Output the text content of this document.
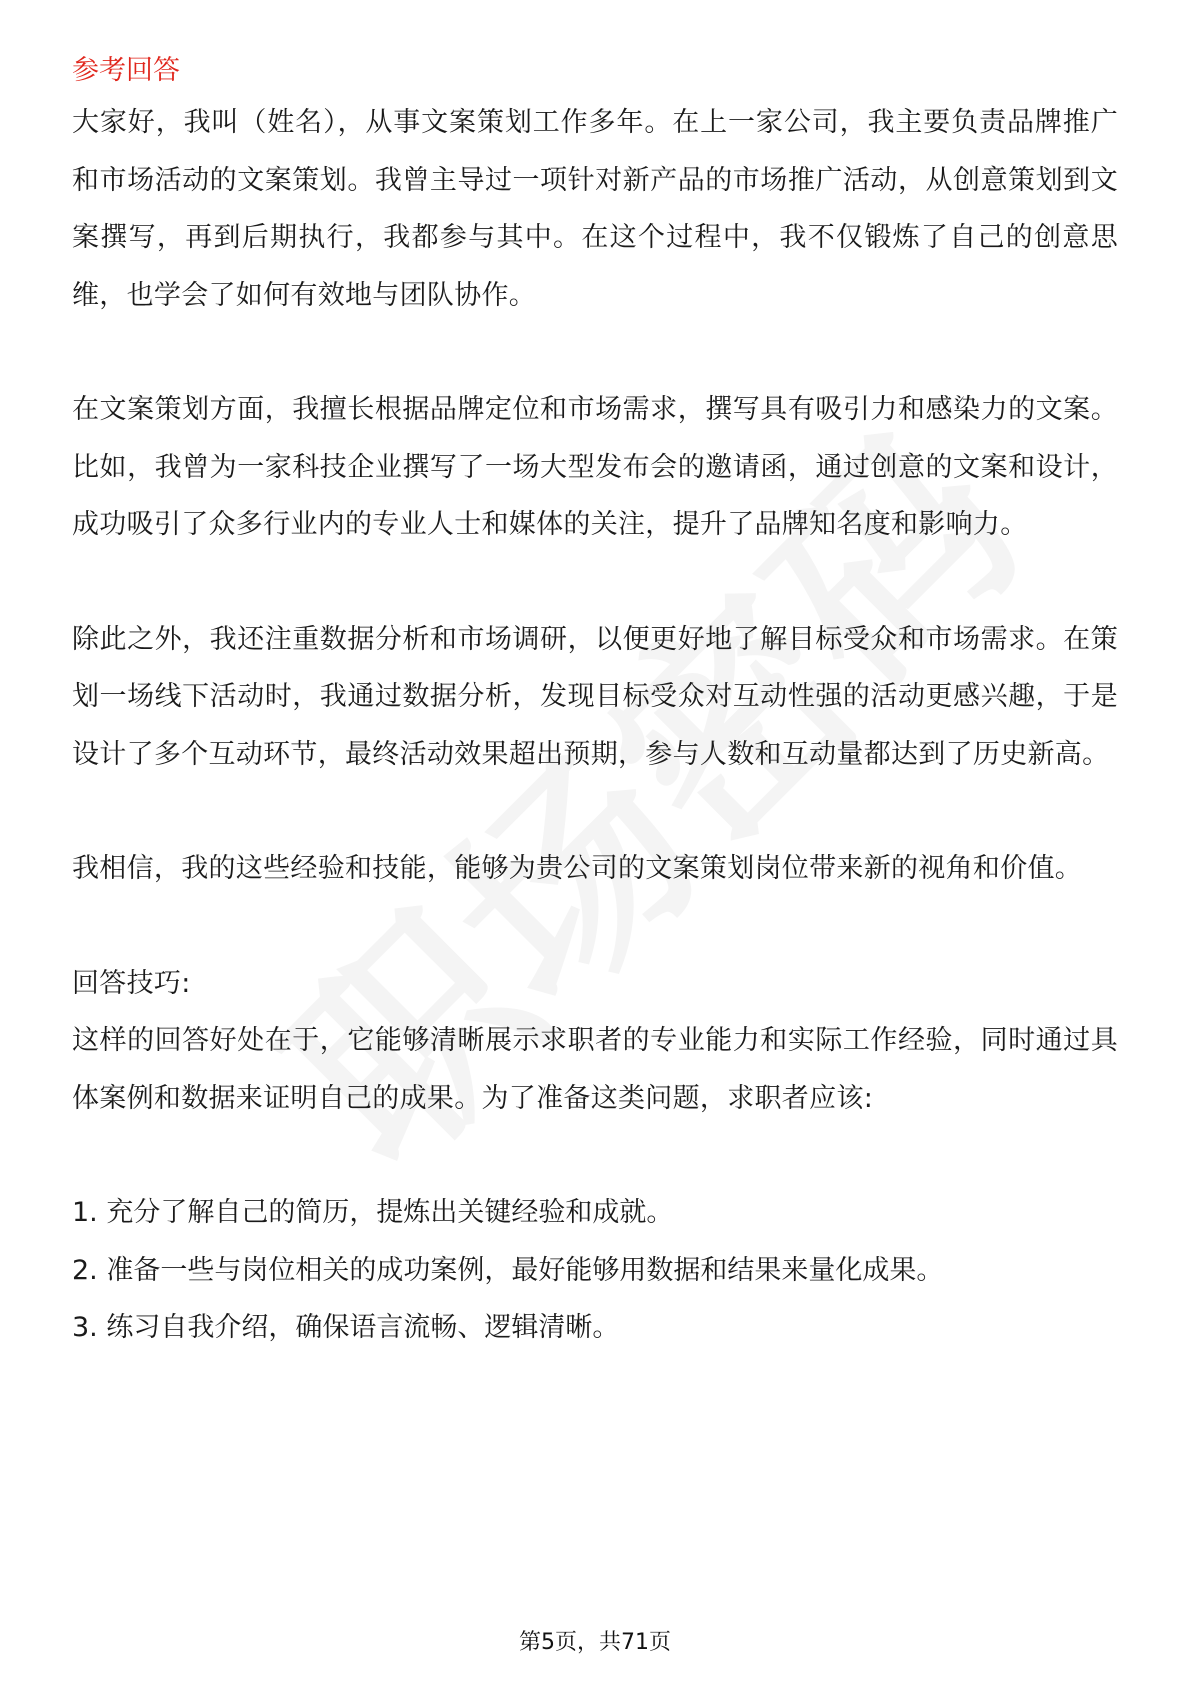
参考回答

大家好，我叫（姓名），从事文案策划工作多年。在上一家公司，我主要负责品牌推广和市场活动的文案策划。我曾主导过一项针对新产品的市场推广活动，从创意策划到文案撰写，再到后期执行，我都参与其中。在这个过程中，我不仅锻炼了自己的创意思维，也学会了如何有效地与团队协作。

在文案策划方面，我擅长根据品牌定位和市场需求，撰写具有吸引力和感染力的文案。比如，我曾为一家科技企业撰写了一场大型发布会的邀请函，通过创意的文案和设计，成功吸引了众多行业内的专业人士和媒体的关注，提升了品牌知名度和影响力。

除此之外，我还注重数据分析和市场调研，以便更好地了解目标受众和市场需求。在策划一场线下活动时，我通过数据分析，发现目标受众对互动性强的活动更感兴趣，于是设计了多个互动环节，最终活动效果超出预期，参与人数和互动量都达到了历史新高。

我相信，我的这些经验和技能，能够为贵公司的文案策划岗位带来新的视角和价值。

回答技巧:

这样的回答好处在于，它能够清晰展示求职者的专业能力和实际工作经验，同时通过具体案例和数据来证明自己的成果。为了准备这类问题，求职者应该:

1. 充分了解自己的简历，提炼出关键经验和成就。
2. 准备一些与岗位相关的成功案例，最好能够用数据和结果来量化成果。
3. 练习自我介绍，确保语言流畅、逻辑清晰。
第5页，共71页
